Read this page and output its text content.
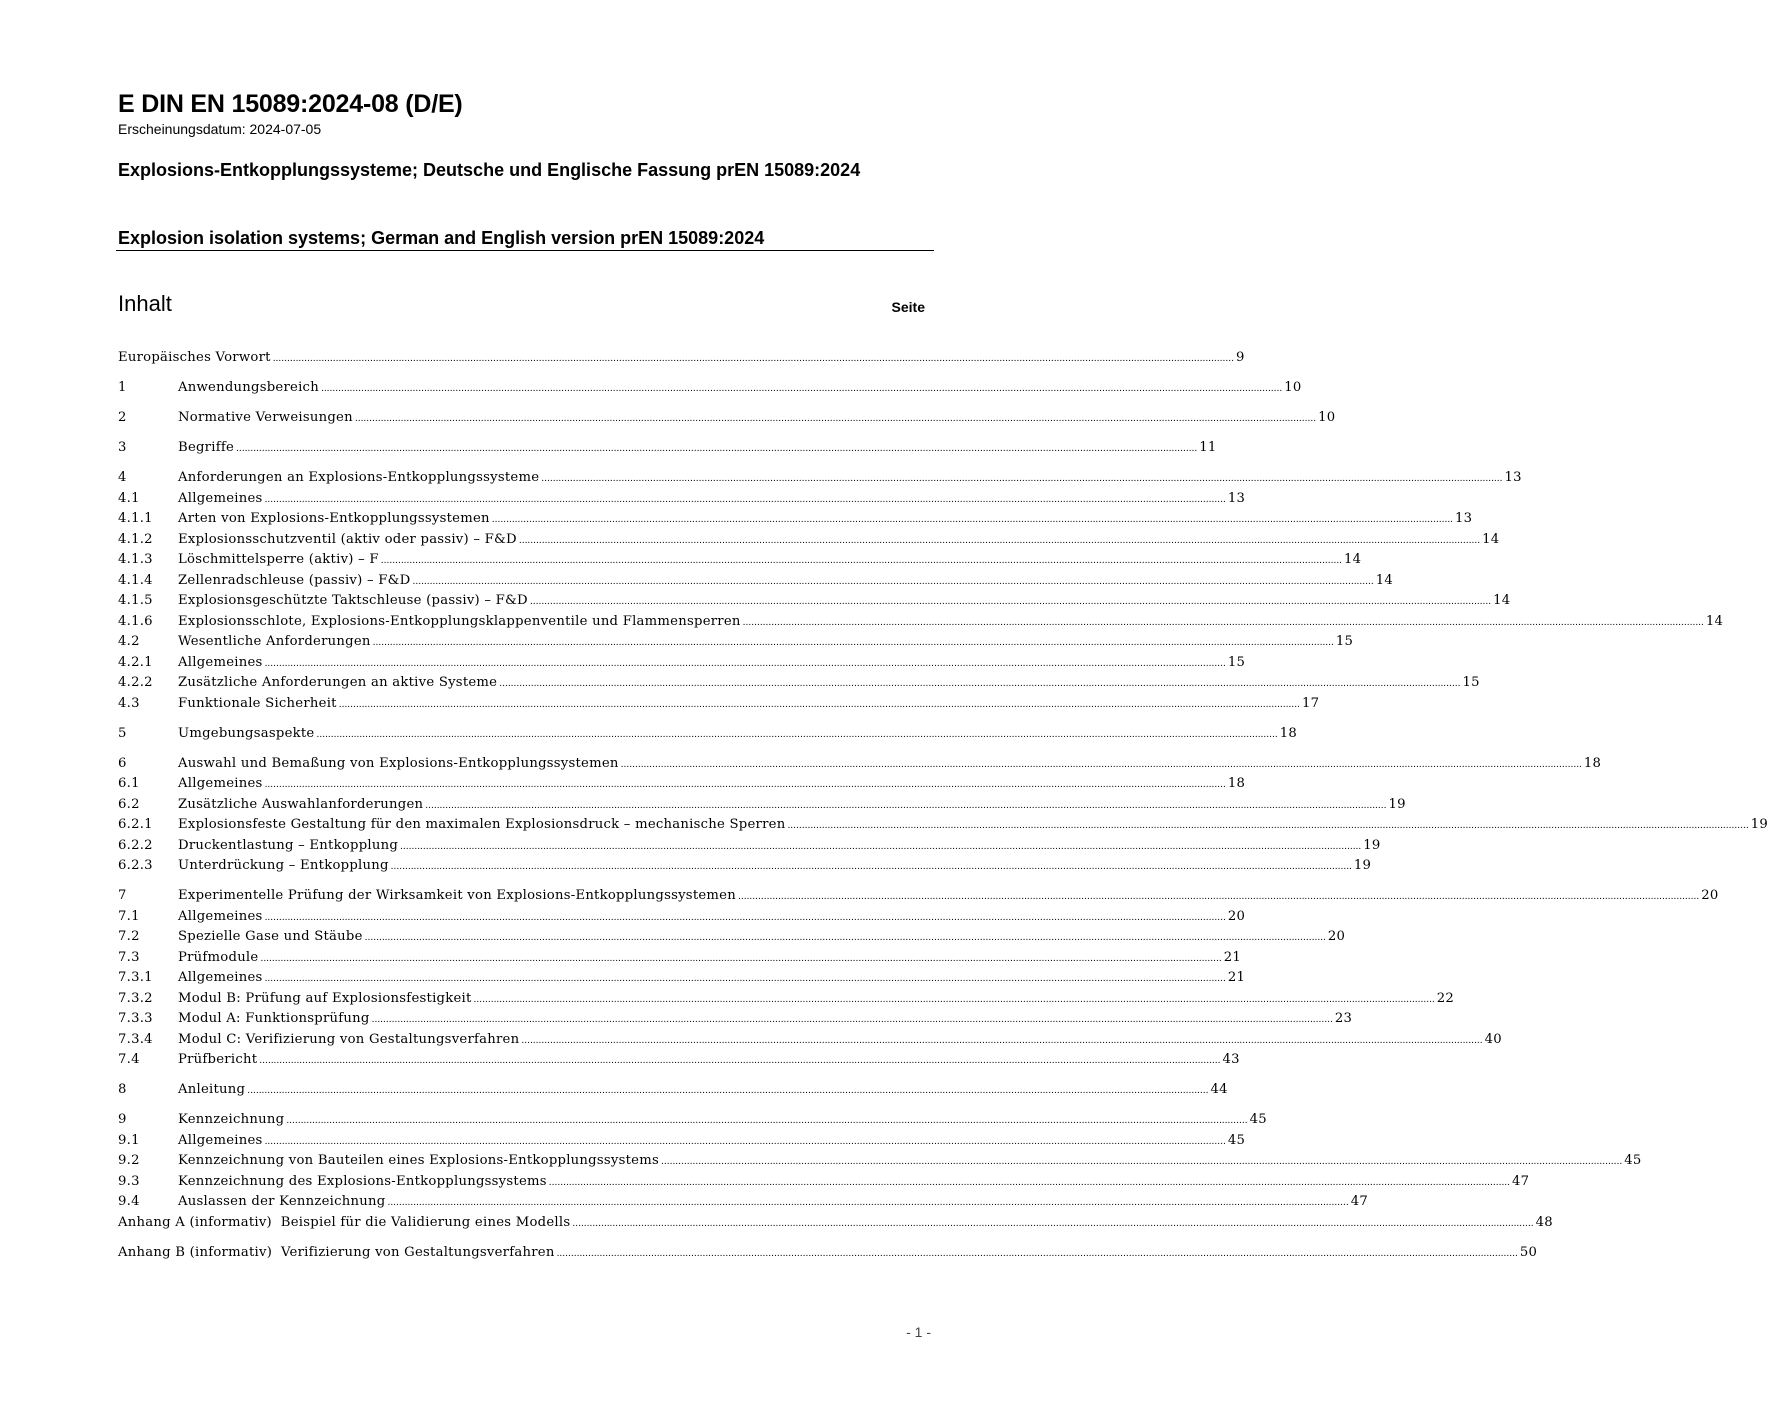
E DIN EN 15089:2024-08 (D/E)
Erscheinungsdatum: 2024-07-05
Explosions-Entkopplungssysteme; Deutsche und Englische Fassung prEN 15089:2024
Explosion isolation systems; German and English version prEN 15089:2024
Inhalt	Seite
Europäisches Vorwort .....	9
1	Anwendungsbereich .....	10
2	Normative Verweisungen .....	10
3	Begriffe .....	11
4	Anforderungen an Explosions-Entkopplungssysteme .....	13
4.1	Allgemeines .....	13
4.1.1	Arten von Explosions-Entkopplungssystemen .....	13
4.1.2	Explosionsschutzventil (aktiv oder passiv) – F&D .....	14
4.1.3	Löschmittelsperre (aktiv) – F .....	14
4.1.4	Zellenradschleuse (passiv) – F&D .....	14
4.1.5	Explosionsgeschützte Taktschleuse (passiv) – F&D .....	14
4.1.6	Explosionsschlote, Explosions-Entkopplungsklappenventile und Flammensperren .....	14
4.2	Wesentliche Anforderungen .....	15
4.2.1	Allgemeines .....	15
4.2.2	Zusätzliche Anforderungen an aktive Systeme .....	15
4.3	Funktionale Sicherheit .....	17
5	Umgebungsaspekte .....	18
6	Auswahl und Bemaßung von Explosions-Entkopplungssystemen .....	18
6.1	Allgemeines .....	18
6.2	Zusätzliche Auswahlanforderungen .....	19
6.2.1	Explosionsfeste Gestaltung für den maximalen Explosionsdruck – mechanische Sperren .....	19
6.2.2	Druckentlastung – Entkopplung .....	19
6.2.3	Unterdrückung – Entkopplung .....	19
7	Experimentelle Prüfung der Wirksamkeit von Explosions-Entkopplungssystemen .....	20
7.1	Allgemeines .....	20
7.2	Spezielle Gase und Stäube .....	20
7.3	Prüfmodule .....	21
7.3.1	Allgemeines .....	21
7.3.2	Modul B: Prüfung auf Explosionsfestigkeit .....	22
7.3.3	Modul A: Funktionsprüfung .....	23
7.3.4	Modul C: Verifizierung von Gestaltungsverfahren .....	40
7.4	Prüfbericht .....	43
8	Anleitung .....	44
9	Kennzeichnung .....	45
9.1	Allgemeines .....	45
9.2	Kennzeichnung von Bauteilen eines Explosions-Entkopplungssystems .....	45
9.3	Kennzeichnung des Explosions-Entkopplungssystems .....	47
9.4	Auslassen der Kennzeichnung .....	47
Anhang A (informativ)  Beispiel für die Validierung eines Modells .....	48
Anhang B (informativ)  Verifizierung von Gestaltungsverfahren .....	50
- 1 -
